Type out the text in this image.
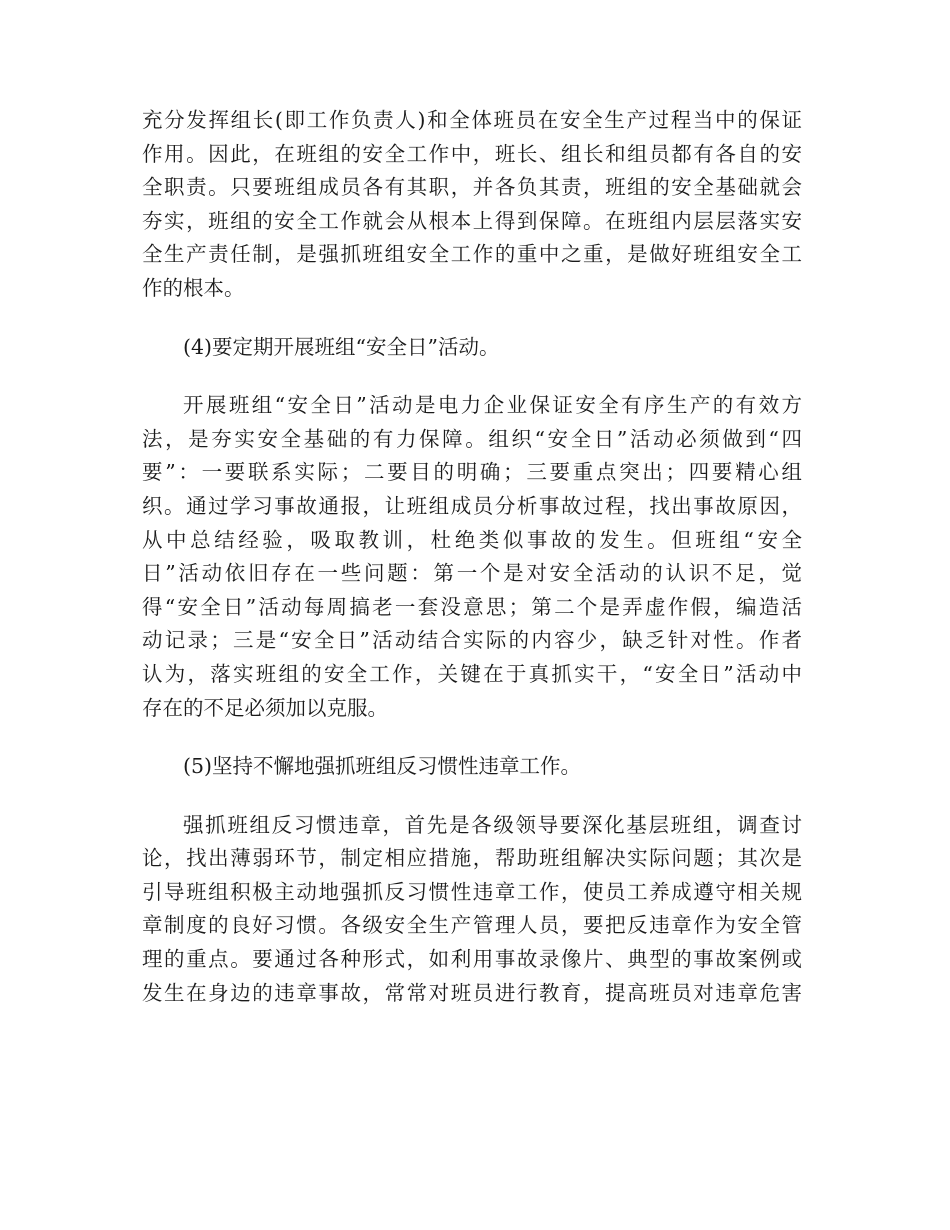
充分发挥组长(即工作负责人)和全体班员在安全生产过程当中的保证
作用。因此，在班组的安全工作中，班长、组长和组员都有各自的安
全职责。只要班组成员各有其职，并各负其责，班组的安全基础就会
夯实，班组的安全工作就会从根本上得到保障。在班组内层层落实安
全生产责任制，是强抓班组安全工作的重中之重，是做好班组安全工
作的根本。
(4)要定期开展班组“安全日”活动。
开展班组“安全日”活动是电力企业保证安全有序生产的有效方
法，是夯实安全基础的有力保障。组织“安全日”活动必须做到“四
要”：一要联系实际；二要目的明确；三要重点突出；四要精心组
织。通过学习事故通报，让班组成员分析事故过程，找出事故原因，
从中总结经验，吸取教训，杜绝类似事故的发生。但班组“安全
日”活动依旧存在一些问题：第一个是对安全活动的认识不足，觉
得“安全日”活动每周搞老一套没意思；第二个是弄虚作假，编造活
动记录；三是“安全日”活动结合实际的内容少，缺乏针对性。作者
认为，落实班组的安全工作，关键在于真抓实干，“安全日”活动中
存在的不足必须加以克服。
(5)坚持不懈地强抓班组反习惯性违章工作。
强抓班组反习惯违章，首先是各级领导要深化基层班组，调查讨
论，找出薄弱环节，制定相应措施，帮助班组解决实际问题；其次是
引导班组积极主动地强抓反习惯性违章工作，使员工养成遵守相关规
章制度的良好习惯。各级安全生产管理人员，要把反违章作为安全管
理的重点。要通过各种形式，如利用事故录像片、典型的事故案例或
发生在身边的违章事故，常常对班员进行教育，提高班员对违章危害
